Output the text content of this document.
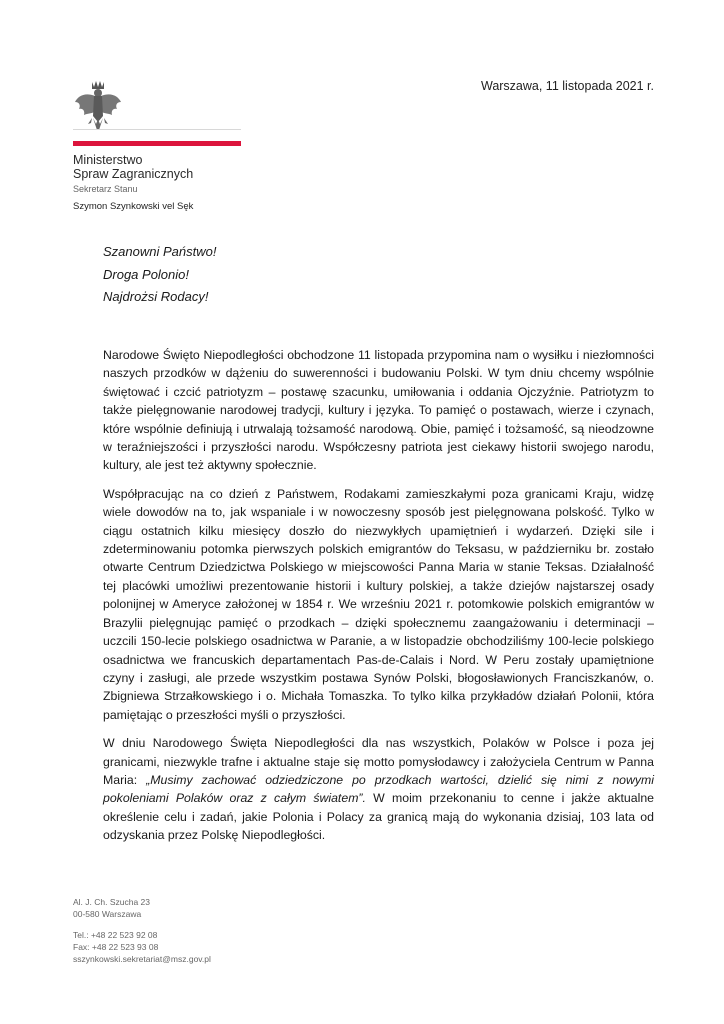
Warszawa, 11 listopada 2021 r.
Ministerstwo
Spraw Zagranicznych
Sekretarz Stanu
Szymon Szynkowski vel Sęk
Szanowni Państwo!
Droga Polonio!
Najdrożsi Rodacy!

Narodowe Święto Niepodległości obchodzone 11 listopada przypomina nam o wysiłku i niezłomności naszych przodków w dążeniu do suwerenności i budowaniu Polski. W tym dniu chcemy wspólnie świętować i czcić patriotyzm – postawę szacunku, umiłowania i oddania Ojczyźnie. Patriotyzm to także pielęgnowanie narodowej tradycji, kultury i języka. To pamięć o postawach, wierze i czynach, które wspólnie definiują i utrwalają tożsamość narodową. Obie, pamięć i tożsamość, są nieodzowne w teraźniejszości i przyszłości narodu. Współczesny patriota jest ciekawy historii swojego narodu, kultury, ale jest też aktywny społecznie.

Współpracując na co dzień z Państwem, Rodakami zamieszkałymi poza granicami Kraju, widzę wiele dowodów na to, jak wspaniale i w nowoczesny sposób jest pielęgnowana polskość. Tylko w ciągu ostatnich kilku miesięcy doszło do niezwykłych upamiętnień i wydarzeń. Dzięki sile i zdeterminowaniu potomka pierwszych polskich emigrantów do Teksasu, w październiku br. zostało otwarte Centrum Dziedzictwa Polskiego w miejscowości Panna Maria w stanie Teksas. Działalność tej placówki umożliwi prezentowanie historii i kultury polskiej, a także dziejów najstarszej osady polonijnej w Ameryce założonej w 1854 r. We wrześniu 2021 r. potomkowie polskich emigrantów w Brazylii pielęgnując pamięć o przodkach – dzięki społecznemu zaangażowaniu i determinacji – uczcili 150-lecie polskiego osadnictwa w Paranie, a w listopadzie obchodziliśmy 100-lecie polskiego osadnictwa we francuskich departamentach Pas-de-Calais i Nord. W Peru zostały upamiętnione czyny i zasługi, ale przede wszystkim postawa Synów Polski, błogosławionych Franciszkanów, o. Zbigniewa Strzałkowskiego i o. Michała Tomaszka. To tylko kilka przykładów działań Polonii, która pamiętając o przeszłości myśli o przyszłości.

W dniu Narodowego Święta Niepodległości dla nas wszystkich, Polaków w Polsce i poza jej granicami, niezwykle trafne i aktualne staje się motto pomysłodawcy i założyciela Centrum w Panna Maria: „Musimy zachować odziedziczone po przodkach wartości, dzielić się nimi z nowymi pokoleniami Polaków oraz z całym światem”. W moim przekonaniu to cenne i jakże aktualne określenie celu i zadań, jakie Polonia i Polacy za granicą mają do wykonania dzisiaj, 103 lata od odzyskania przez Polskę Niepodległości.

Al. J. Ch. Szucha 23
00-580 Warszawa
Tel.: +48 22 523 92 08
Fax: +48 22 523 93 08
sszynkowski.sekretariat@msz.gov.pl
